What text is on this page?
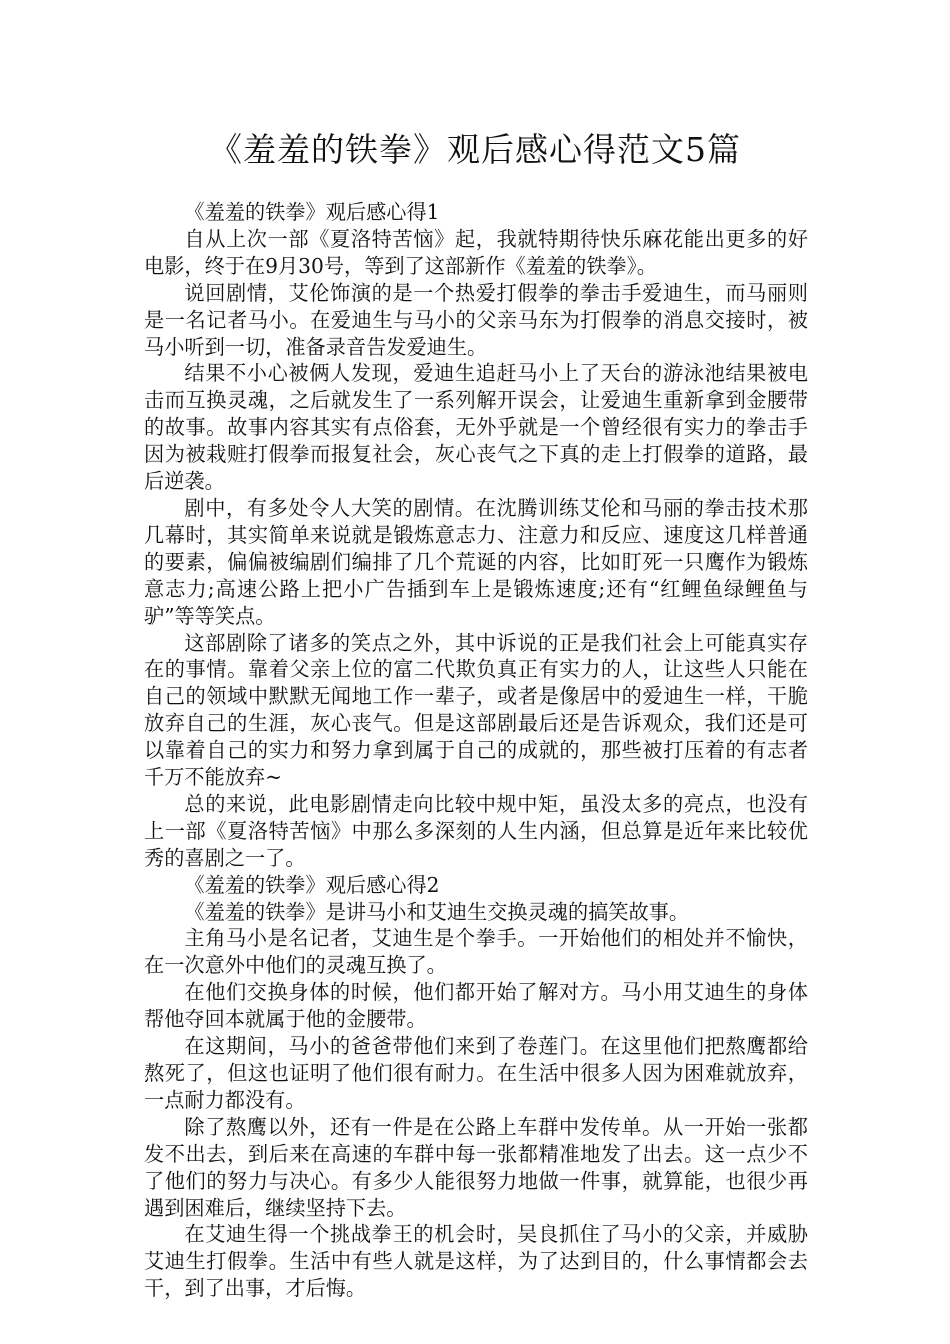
《羞羞的铁拳》观后感心得范文5篇

《羞羞的铁拳》观后感心得1

自从上次一部《夏洛特苦恼》起，我就特期待快乐麻花能出更多的好电影，终于在9月30号，等到了这部新作《羞羞的铁拳》。

说回剧情，艾伦饰演的是一个热爱打假拳的拳击手爱迪生，而马丽则是一名记者马小。在爱迪生与马小的父亲马东为打假拳的消息交接时，被马小听到一切，准备录音告发爱迪生。

结果不小心被俩人发现，爱迪生追赶马小上了天台的游泳池结果被电击而互换灵魂，之后就发生了一系列解开误会，让爱迪生重新拿到金腰带的故事。故事内容其实有点俗套，无外乎就是一个曾经很有实力的拳击手因为被栽赃打假拳而报复社会，灰心丧气之下真的走上打假拳的道路，最后逆袭。

剧中，有多处令人大笑的剧情。在沈腾训练艾伦和马丽的拳击技术那几幕时，其实简单来说就是锻炼意志力、注意力和反应、速度这几样普通的要素，偏偏被编剧们编排了几个荒诞的内容，比如盯死一只鹰作为锻炼意志力;高速公路上把小广告插到车上是锻炼速度;还有“红鲤鱼绿鲤鱼与驴”等等笑点。

这部剧除了诸多的笑点之外，其中诉说的正是我们社会上可能真实存在的事情。靠着父亲上位的富二代欺负真正有实力的人，让这些人只能在自己的领域中默默无闻地工作一辈子，或者是像居中的爱迪生一样，干脆放弃自己的生涯，灰心丧气。但是这部剧最后还是告诉观众，我们还是可以靠着自己的实力和努力拿到属于自己的成就的，那些被打压着的有志者千万不能放弃~

总的来说，此电影剧情走向比较中规中矩，虽没太多的亮点，也没有上一部《夏洛特苦恼》中那么多深刻的人生内涵，但总算是近年来比较优秀的喜剧之一了。

《羞羞的铁拳》观后感心得2

《羞羞的铁拳》是讲马小和艾迪生交换灵魂的搞笑故事。

主角马小是名记者，艾迪生是个拳手。一开始他们的相处并不愉快，在一次意外中他们的灵魂互换了。

在他们交换身体的时候，他们都开始了解对方。马小用艾迪生的身体帮他夺回本就属于他的金腰带。

在这期间，马小的爸爸带他们来到了卷莲门。在这里他们把熬鹰都给熬死了，但这也证明了他们很有耐力。在生活中很多人因为困难就放弃，一点耐力都没有。

除了熬鹰以外，还有一件是在公路上车群中发传单。从一开始一张都发不出去，到后来在高速的车群中每一张都精准地发了出去。这一点少不了他们的努力与决心。有多少人能很努力地做一件事，就算能，也很少再遇到困难后，继续坚持下去。

在艾迪生得一个挑战拳王的机会时，吴良抓住了马小的父亲，并威胁艾迪生打假拳。生活中有些人就是这样，为了达到目的，什么事情都会去干，到了出事，才后悔。
